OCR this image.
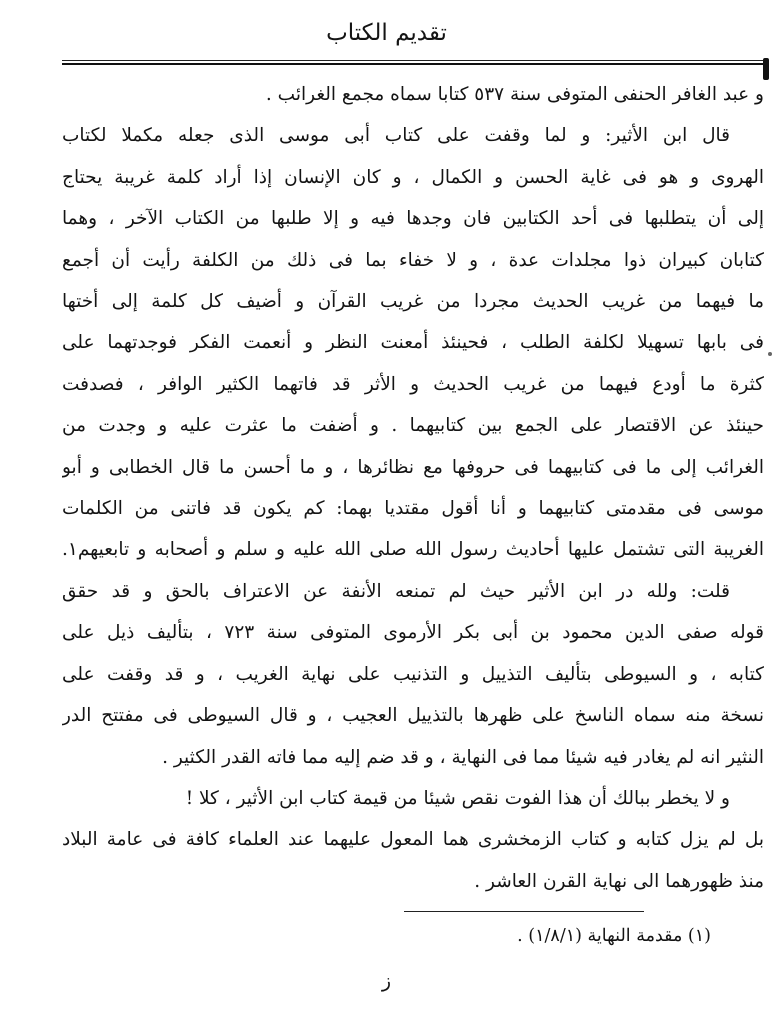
تقديم الكتاب
و عبد الغافر الحنفى المتوفى سنة ٥٣٧ كتابا سماه مجمع الغرائب .
قال ابن الأثير: و لما وقفت على كتاب أبى موسى الذى جعله مكملا لكتاب
الهروى و هو فى غاية الحسن و الكمال ، و كان الإنسان إذا أراد كلمة غريبة يحتاج
إلى أن يتطلبها فى أحد الكتابين فان وجدها فيه و إلا طلبها من الكتاب الآخر ، وهما
كتابان كبيران ذوا مجلدات عدة ، و لا خفاء بما فى ذلك من الكلفة رأيت أن أجمع
ما فيهما من غريب الحديث مجردا من غريب القرآن و أضيف كل كلمة إلى أختها
فى بابها تسهيلا لكلفة الطلب ، فحينئذ أمعنت النظر و أنعمت الفكر فوجدتهما على
كثرة ما أودع فيهما من غريب الحديث و الأثر قد فاتهما الكثير الوافر ، فصدفت
حينئذ عن الاقتصار على الجمع بين كتابيهما . و أضفت ما عثرت عليه و وجدت من
الغرائب إلى ما فى كتابيهما فى حروفها مع نظائرها ، و ما أحسن ما قال الخطابى و أبو
موسى فى مقدمتى كتابيهما و أنا أقول مقتديا بهما: كم يكون قد فاتنى من الكلمات
الغريبة التى تشتمل عليها أحاديث رسول الله صلى الله عليه و سلم و أصحابه و تابعيهم١.
قلت: ولله در ابن الأثير حيث لم تمنعه الأنفة عن الاعتراف بالحق و قد حقق
قوله صفى الدين محمود بن أبى بكر الأرموى المتوفى سنة ٧٢٣ ، بتأليف ذيل على
كتابه ، و السيوطى بتأليف التذييل و التذنيب على نهاية الغريب ، و قد وقفت على
نسخة منه سماه الناسخ على ظهرها بالتذييل العجيب ، و قال السيوطى فى مفتتح الدر
النثير انه لم يغادر فيه شيئا مما فى النهاية ، و قد ضم إليه مما فاته القدر الكثير .
و لا يخطر ببالك أن هذا الفوت نقص شيئا من قيمة كتاب ابن الأثير ، كلا !
بل لم يزل كتابه و كتاب الزمخشرى هما المعول عليهما عند العلماء كافة فى عامة البلاد
منذ ظهورهما الى نهاية القرن العاشر .
(١) مقدمة النهاية (١/٨/١) .
ز
